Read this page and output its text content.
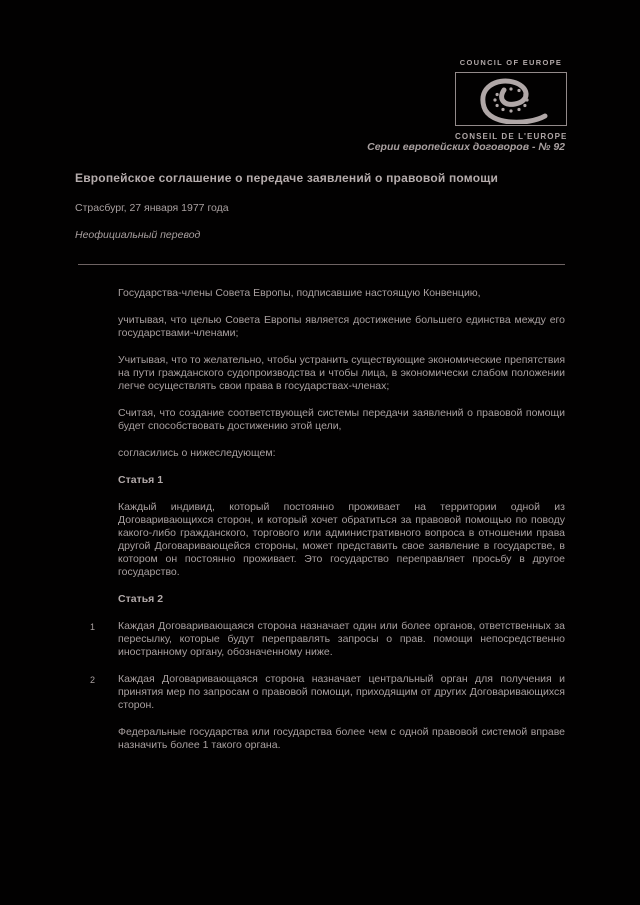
COUNCIL OF EUROPE
CONSEIL DE L'EUROPE
Серии европейских договоров - № 92
Европейское соглашение о передаче заявлений о правовой помощи
Страсбург, 27 января 1977 года
Неофициальный перевод

Государства-члены Совета Европы, подписавшие настоящую Конвенцию,

учитывая, что целью Совета Европы является достижение большего единства между его государствами-членами;

Учитывая, что то желательно, чтобы устранить существующие экономические препятствия на пути гражданского судопроизводства и чтобы лица, в экономически слабом положении легче осуществлять свои права в государствах-членах;

Считая, что создание соответствующей системы передачи заявлений о правовой помощи будет способствовать достижению этой цели,

согласились о нижеследующем:

Статья 1

Каждый индивид, который постоянно проживает на территории одной из Договаривающихся сторон, и который хочет обратиться за правовой помощью по поводу какого-либо гражданского, торгового или административного вопроса в отношении права другой Договаривающейся стороны, может представить свое заявление в государстве, в котором он постоянно проживает. Это государство переправляет просьбу в другое государство.

Статья 2

1 Каждая Договаривающаяся сторона назначает один или более органов, ответственных за пересылку, которые будут переправлять запросы о прав. помощи непосредственно иностранному органу, обозначенному ниже.

2 Каждая Договаривающаяся сторона назначает центральный орган для получения и принятия мер по запросам о правовой помощи, приходящим от других Договаривающихся сторон.

Федеральные государства или государства более чем с одной правовой системой вправе назначить более 1 такого органа.
